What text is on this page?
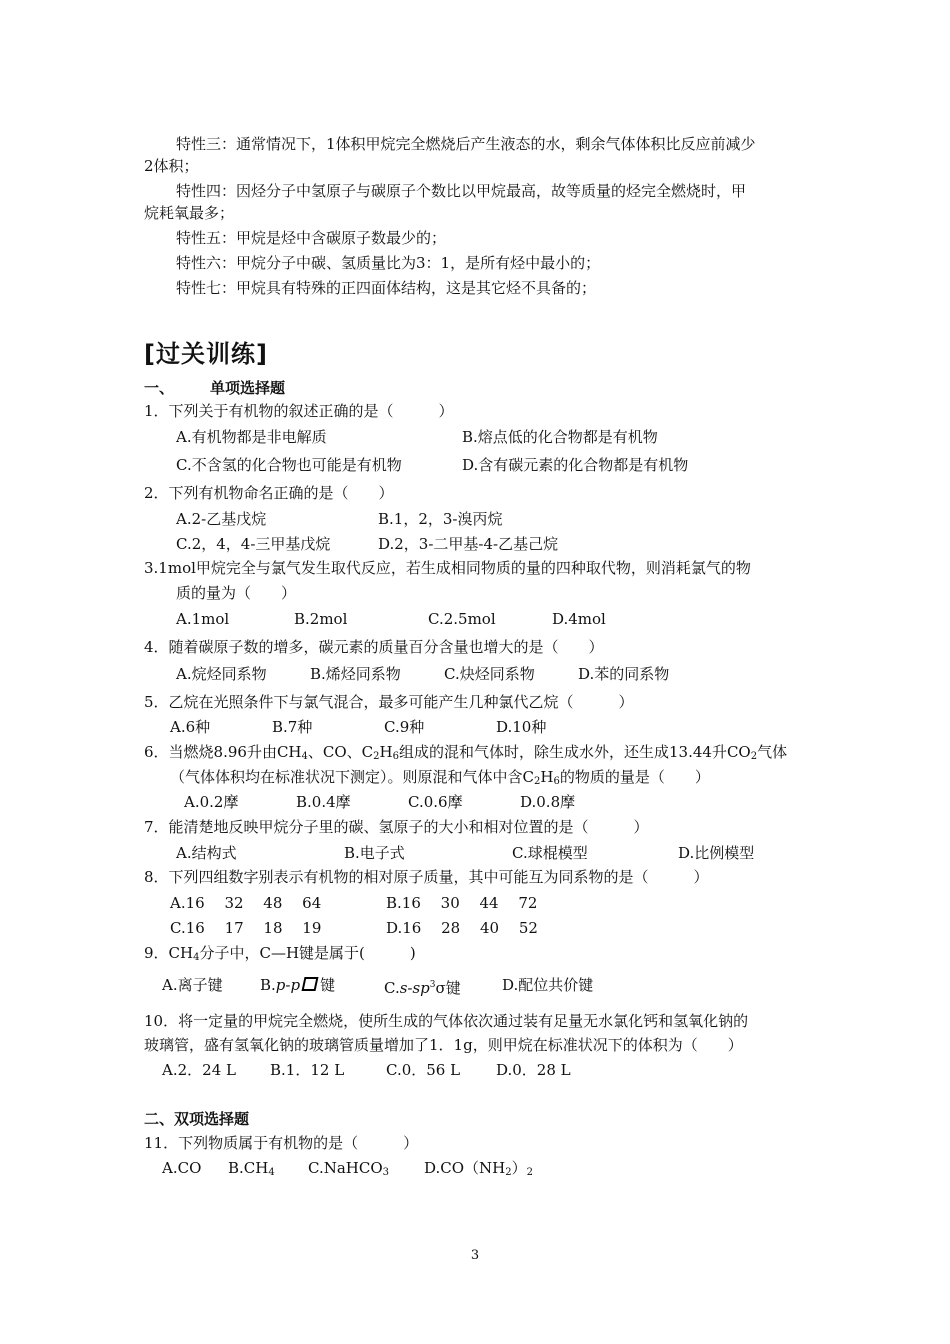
特性三：通常情况下，1体积甲烷完全燃烧后产生液态的水，剩余气体体积比反应前减少
2体积；
特性四：因烃分子中氢原子与碳原子个数比以甲烷最高，故等质量的烃完全燃烧时，甲
烷耗氧最多；
特性五：甲烷是烃中含碳原子数最少的；
特性六：甲烷分子中碳、氢质量比为3：1，是所有烃中最小的；
特性七：甲烷具有特殊的正四面体结构，这是其它烃不具备的；
[过关训练]
一、 单项选择题
1．下列关于有机物的叙述正确的是（　　　）
A.有机物都是非电解质	B.熔点低的化合物都是有机物
C.不含氢的化合物也可能是有机物	D.含有碳元素的化合物都是有机物
2．下列有机物命名正确的是（　　）
A.2-乙基戊烷	B.1，2，3-溴丙烷
C.2，4，4-三甲基戊烷	D.2，3-二甲基-4-乙基己烷
3.1mol甲烷完全与氯气发生取代反应，若生成相同物质的量的四种取代物，则消耗氯气的物
质的量为（　　）
A.1mol	B.2mol	C.2.5mol	D.4mol
4．随着碳原子数的增多，碳元素的质量百分含量也增大的是（　　）
A.烷烃同系物	B.烯烃同系物	C.炔烃同系物	D.苯的同系物
5．乙烷在光照条件下与氯气混合，最多可能产生几种氯代乙烷（　　　）
A.6种	B.7种	C.9种	D.10种
6．当燃烧8.96升由$CH_4$、CO、$C_2H_6$组成的混和气体时，除生成水外，还生成13.44升$CO_2$气体
（气体体积均在标准状况下测定）。则原混和气体中含$C_2H_6$的物质的量是（　　）
A.0.2摩	B.0.4摩	C.0.6摩	D.0.8摩
7．能清楚地反映甲烷分子里的碳、氢原子的大小和相对位置的是（　　　）
A.结构式	B.电子式	C.球棍模型	D.比例模型
8．下列四组数字别表示有机物的相对原子质量，其中可能互为同系物的是（　　　）
A.16　 32　 48　 64	B.16　 30　 44　 72
C.16　 17　 18　 19	D.16　 28　 40　 52
9．$CH_4$分子中，C—H键是属于(　　　)
A.离子键 B.p-p 键	$C.s-sp^3\sigma$键	D.配位共价键
10．将一定量的甲烷完全燃烧，使所生成的气体依次通过装有足量无水氯化钙和氢氧化钠的
玻璃管，盛有氢氧化钠的玻璃管质量增加了1．1g，则甲烷在标准状况下的体积为（　　）
A.2．24 L B.1．12 L	C.0．56 L D.0．28 L
二、双项选择题
11．下列物质属于有机物的是（　　　）
A.CO $B.CH_4$ C.NaHCO$_3$ $D.CO(NH_2)_2$
3
